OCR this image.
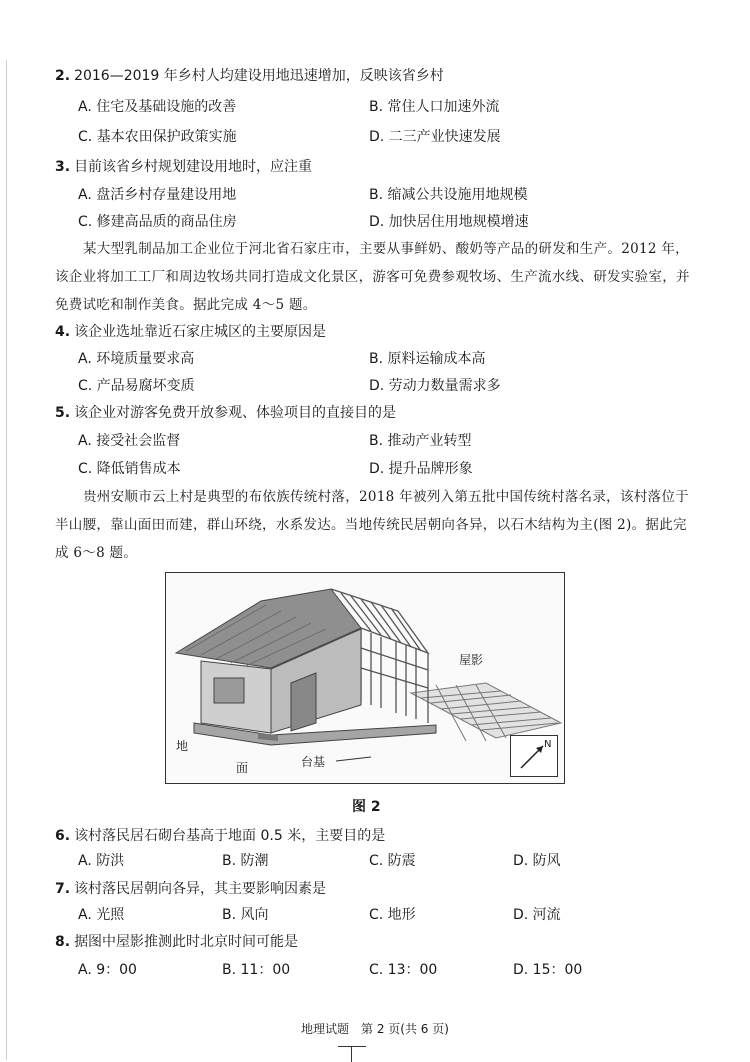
2. 2016—2019 年乡村人均建设用地迅速增加，反映该省乡村
A. 住宅及基础设施的改善	B. 常住人口加速外流
C. 基本农田保护政策实施	D. 二三产业快速发展
3. 目前该省乡村规划建设用地时，应注重
A. 盘活乡村存量建设用地	B. 缩减公共设施用地规模
C. 修建高品质的商品住房	D. 加快居住用地规模增速

某大型乳制品加工企业位于河北省石家庄市，主要从事鲜奶、酸奶等产品的研发和生产。2012 年，该企业将加工工厂和周边牧场共同打造成文化景区，游客可免费参观牧场、生产流水线、研发实验室，并免费试吃和制作美食。据此完成 4～5 题。

4. 该企业选址靠近石家庄城区的主要原因是
A. 环境质量要求高	B. 原料运输成本高
C. 产品易腐坏变质	D. 劳动力数量需求多
5. 该企业对游客免费开放参观、体验项目的直接目的是
A. 接受社会监督	B. 推动产业转型
C. 降低销售成本	D. 提升品牌形象

贵州安顺市云上村是典型的布依族传统村落，2018 年被列入第五批中国传统村落名录，该村落位于半山腰，靠山面田而建，群山环绕，水系发达。当地传统民居朝向各异，以石木结构为主(图 2)。据此完成 6～8 题。

屋影
地
面	台基
N
图 2
6. 该村落民居石砌台基高于地面 0.5 米，主要目的是
A. 防洪	B. 防潮	C. 防震	D. 防风
7. 该村落民居朝向各异，其主要影响因素是
A. 光照	B. 风向	C. 地形	D. 河流
8. 据图中屋影推测此时北京时间可能是
A. 9：00	B. 11：00	C. 13：00	D. 15：00
地理试题　第 2 页(共 6 页)
